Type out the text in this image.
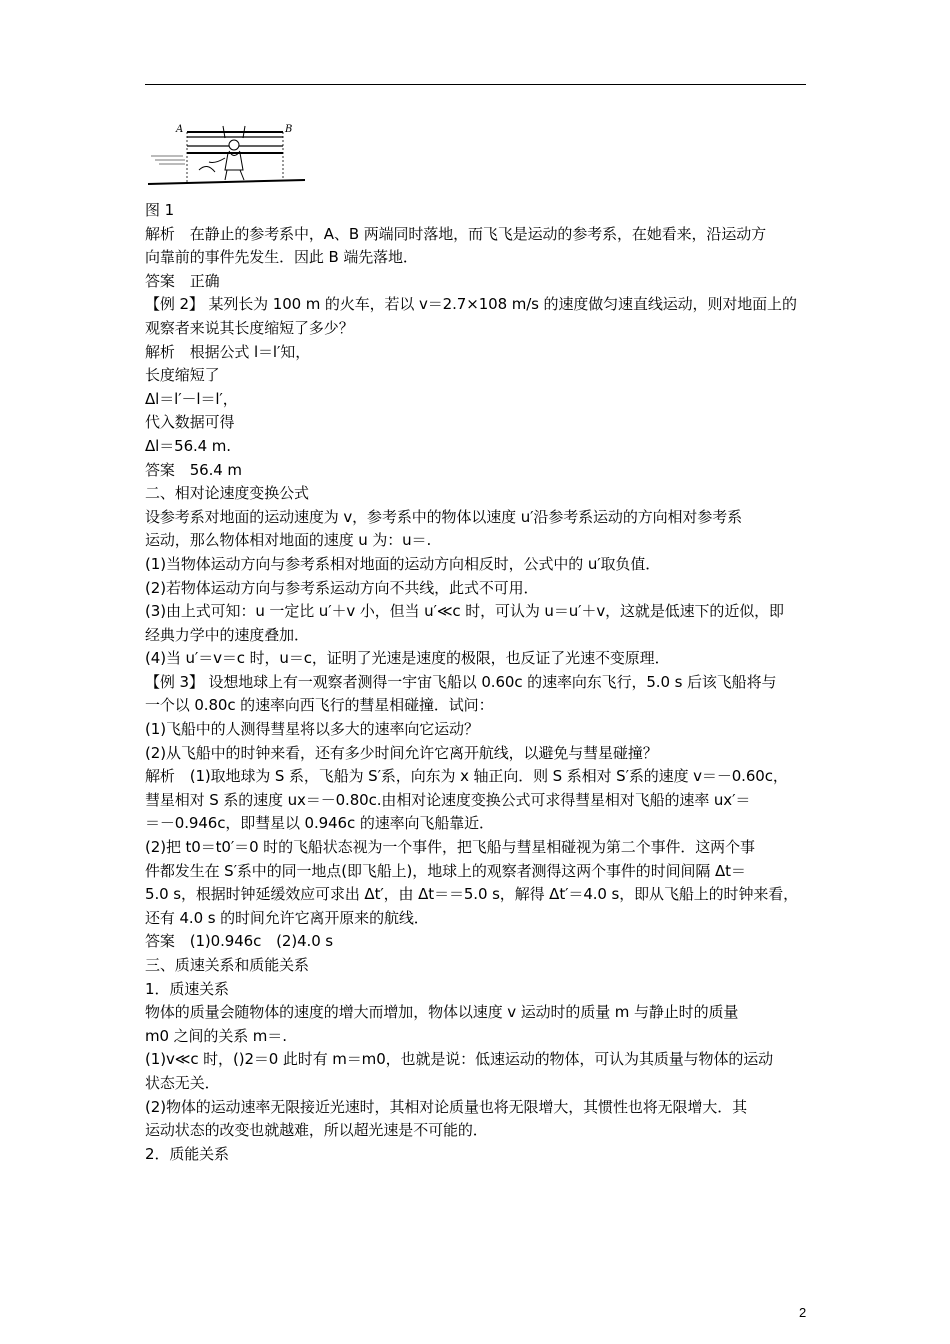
A	B
图 1
解析　在静止的参考系中，A、B 两端同时落地，而飞飞是运动的参考系，在她看来，沿运动方
向靠前的事件先发生．因此 B 端先落地．
答案　正确
【例 2】 某列长为 100 m 的火车，若以 v＝2.7×108 m/s 的速度做匀速直线运动，则对地面上的
观察者来说其长度缩短了多少？
解析　根据公式 l＝l′知，
长度缩短了
Δl＝l′－l＝l′，
代入数据可得
Δl＝56.4 m.
答案　56.4 m
二、相对论速度变换公式
设参考系对地面的运动速度为 v，参考系中的物体以速度 u′沿参考系运动的方向相对参考系
运动，那么物体相对地面的速度 u 为：u＝.
(1)当物体运动方向与参考系相对地面的运动方向相反时，公式中的 u′取负值．
(2)若物体运动方向与参考系运动方向不共线，此式不可用．
(3)由上式可知：u 一定比 u′＋v 小，但当 u′≪c 时，可认为 u＝u′＋v，这就是低速下的近似，即
经典力学中的速度叠加．
(4)当 u′＝v＝c 时，u＝c，证明了光速是速度的极限，也反证了光速不变原理．
【例 3】 设想地球上有一观察者测得一宇宙飞船以 0.60c 的速率向东飞行，5.0 s 后该飞船将与
一个以 0.80c 的速率向西飞行的彗星相碰撞．试问：
(1)飞船中的人测得彗星将以多大的速率向它运动？
(2)从飞船中的时钟来看，还有多少时间允许它离开航线，以避免与彗星碰撞？
解析　(1)取地球为 S 系，飞船为 S′系，向东为 x 轴正向．则 S 系相对 S′系的速度 v＝－0.60c，
彗星相对 S 系的速度 ux＝－0.80c.由相对论速度变换公式可求得彗星相对飞船的速率 ux′＝
＝－0.946c，即彗星以 0.946c 的速率向飞船靠近．
(2)把 t0＝t0′＝0 时的飞船状态视为一个事件，把飞船与彗星相碰视为第二个事件．这两个事
件都发生在 S′系中的同一地点(即飞船上)，地球上的观察者测得这两个事件的时间间隔 Δt＝
5.0 s，根据时钟延缓效应可求出 Δt′，由 Δt＝＝5.0 s，解得 Δt′＝4.0 s，即从飞船上的时钟来看，
还有 4.0 s 的时间允许它离开原来的航线．
答案　(1)0.946c　(2)4.0 s
三、质速关系和质能关系
1．质速关系
物体的质量会随物体的速度的增大而增加，物体以速度 v 运动时的质量 m 与静止时的质量
m0 之间的关系 m＝.
(1)v≪c 时，()2＝0 此时有 m＝m0，也就是说：低速运动的物体，可认为其质量与物体的运动
状态无关．
(2)物体的运动速率无限接近光速时，其相对论质量也将无限增大，其惯性也将无限增大．其
运动状态的改变也就越难，所以超光速是不可能的．
2．质能关系
2
